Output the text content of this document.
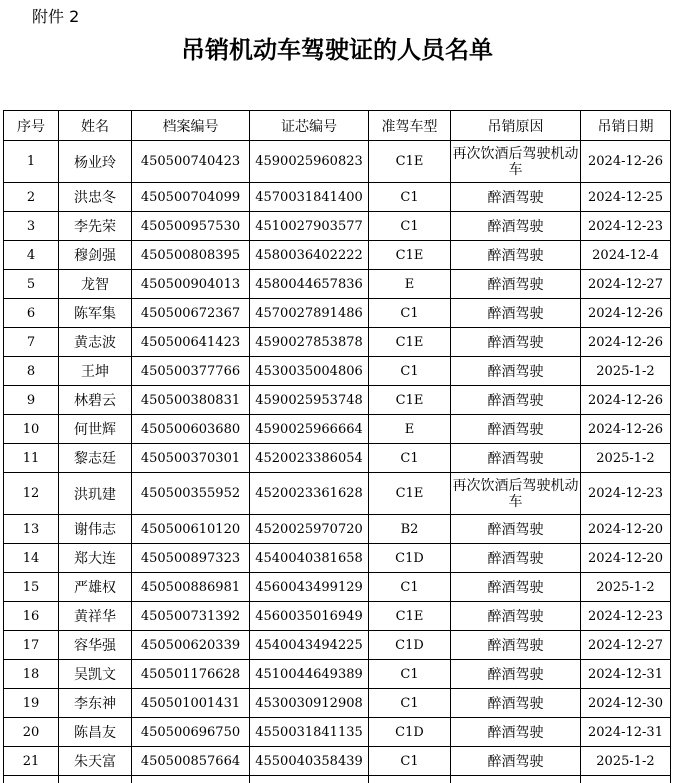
附件 2
吊销机动车驾驶证的人员名单
序号	姓名	档案编号	证芯编号	准驾车型	吊销原因	吊销日期
1	杨业玲	450500740423	4590025960823	C1E	再次饮酒后驾驶机动车	2024-12-26
2	洪忠冬	450500704099	4570031841400	C1	醉酒驾驶	2024-12-25
3	李先荣	450500957530	4510027903577	C1	醉酒驾驶	2024-12-23
4	穆剑强	450500808395	4580036402222	C1E	醉酒驾驶	2024-12-4
5	龙智	450500904013	4580044657836	E	醉酒驾驶	2024-12-27
6	陈军集	450500672367	4570027891486	C1	醉酒驾驶	2024-12-26
7	黄志波	450500641423	4590027853878	C1E	醉酒驾驶	2024-12-26
8	王坤	450500377766	4530035004806	C1	醉酒驾驶	2025-1-2
9	林碧云	450500380831	4590025953748	C1E	醉酒驾驶	2024-12-26
10	何世辉	450500603680	4590025966664	E	醉酒驾驶	2024-12-26
11	黎志廷	450500370301	4520023386054	C1	醉酒驾驶	2025-1-2
12	洪玑建	450500355952	4520023361628	C1E	再次饮酒后驾驶机动车	2024-12-23
13	谢伟志	450500610120	4520025970720	B2	醉酒驾驶	2024-12-20
14	郑大连	450500897323	4540040381658	C1D	醉酒驾驶	2024-12-20
15	严雄权	450500886981	4560043499129	C1	醉酒驾驶	2025-1-2
16	黄祥华	450500731392	4560035016949	C1E	醉酒驾驶	2024-12-23
17	容华强	450500620339	4540043494225	C1D	醉酒驾驶	2024-12-27
18	吴凯文	450501176628	4510044649389	C1	醉酒驾驶	2024-12-31
19	李东神	450501001431	4530030912908	C1	醉酒驾驶	2024-12-30
20	陈昌友	450500696750	4550031841135	C1D	醉酒驾驶	2024-12-31
21	朱天富	450500857664	4550040358439	C1	醉酒驾驶	2025-1-2
